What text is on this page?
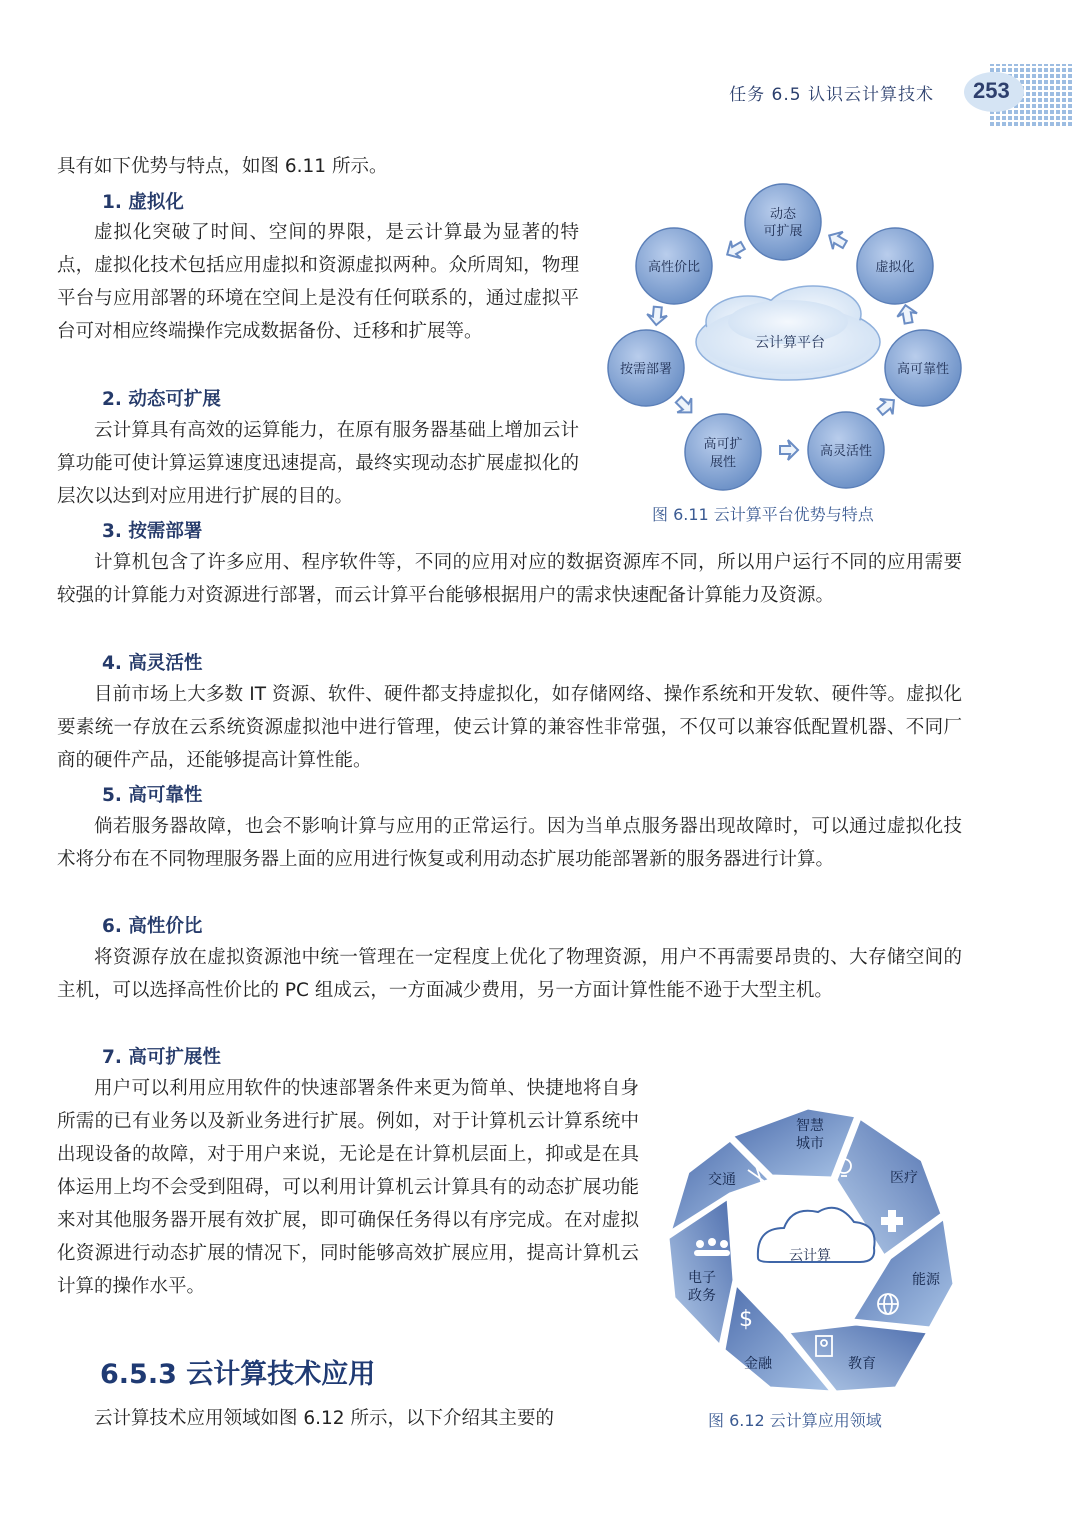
任务 6.5 认识云计算技术 253
具有如下优势与特点，如图 6.11 所示。
1. 虚拟化
虚拟化突破了时间、空间的界限，是云计算最为显著的特点，虚拟化技术包括应用虚拟和资源虚拟两种。众所周知，物理平台与应用部署的环境在空间上是没有任何联系的，通过虚拟平台可对相应终端操作完成数据备份、迁移和扩展等。
2. 动态可扩展
云计算具有高效的运算能力，在原有服务器基础上增加云计算功能可使计算运算速度迅速提高，最终实现动态扩展虚拟化的层次以达到对应用进行扩展的目的。
云计算平台
动态
可扩展
虚拟化
高可靠性
高灵活性
高可扩
展性
按需部署
高性价比
图 6.11 云计算平台优势与特点
3. 按需部署
计算机包含了许多应用、程序软件等，不同的应用对应的数据资源库不同，所以用户运行不同的应用需要较强的计算能力对资源进行部署，而云计算平台能够根据用户的需求快速配备计算能力及资源。
4. 高灵活性
目前市场上大多数 IT 资源、软件、硬件都支持虚拟化，如存储网络、操作系统和开发软、硬件等。虚拟化要素统一存放在云系统资源虚拟池中进行管理，使云计算的兼容性非常强，不仅可以兼容低配置机器、不同厂商的硬件产品，还能够提高计算性能。
5. 高可靠性
倘若服务器故障，也会不影响计算与应用的正常运行。因为当单点服务器出现故障时，可以通过虚拟化技术将分布在不同物理服务器上面的应用进行恢复或利用动态扩展功能部署新的服务器进行计算。
6. 高性价比
将资源存放在虚拟资源池中统一管理在一定程度上优化了物理资源，用户不再需要昂贵的、大存储空间的主机，可以选择高性价比的 PC 组成云，一方面减少费用，另一方面计算性能不逊于大型主机。
7. 高可扩展性
用户可以利用应用软件的快速部署条件来更为简单、快捷地将自身所需的已有业务以及新业务进行扩展。例如，对于计算机云计算系统中出现设备的故障，对于用户来说，无论是在计算机层面上，抑或是在具体运用上均不会受到阻碍，可以利用计算机云计算具有的动态扩展功能来对其他服务器开展有效扩展，即可确保任务得以有序完成。在对虚拟化资源进行动态扩展的情况下，同时能够高效扩展应用，提高计算机云计算的操作水平。
云计算
智慧
城市
医疗
能源
教育
金融
电子
政务
交通
$
图 6.12 云计算应用领域
6.5.3 云计算技术应用
云计算技术应用领域如图 6.12 所示，以下介绍其主要的
